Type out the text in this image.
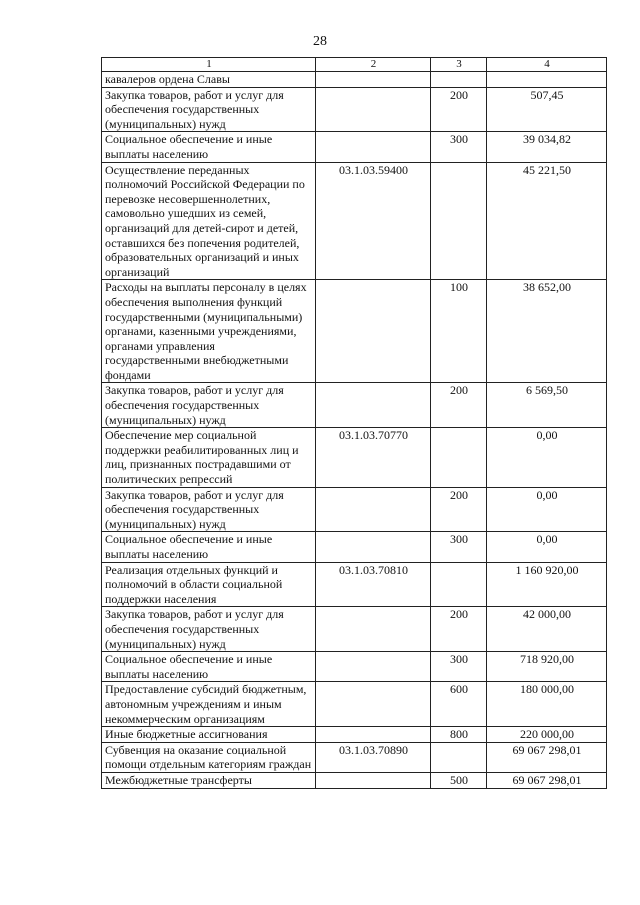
28
1	2	3	4
кавалеров ордена Славы			
Закупка товаров, работ и услуг для обеспечения государственных (муниципальных) нужд		200	507,45
Социальное обеспечение и иные выплаты населению		300	39 034,82
Осуществление переданных полномочий Российской Федерации по перевозке несовершеннолетних, самовольно ушедших из семей, организаций для детей-сирот и детей, оставшихся без попечения родителей, образовательных организаций и иных организаций	03.1.03.59400		45 221,50
Расходы на выплаты персоналу в целях обеспечения выполнения функций государственными (муниципальными) органами, казенными учреждениями, органами управления государственными внебюджетными фондами		100	38 652,00
Закупка товаров, работ и услуг для обеспечения государственных (муниципальных) нужд		200	6 569,50
Обеспечение мер социальной поддержки реабилитированных лиц и лиц, признанных пострадавшими от политических репрессий	03.1.03.70770		0,00
Закупка товаров, работ и услуг для обеспечения государственных (муниципальных) нужд		200	0,00
Социальное обеспечение и иные выплаты населению		300	0,00
Реализация отдельных функций и полномочий в области социальной поддержки населения	03.1.03.70810		1 160 920,00
Закупка товаров, работ и услуг для обеспечения государственных (муниципальных) нужд		200	42 000,00
Социальное обеспечение и иные выплаты населению		300	718 920,00
Предоставление субсидий бюджетным, автономным учреждениям и иным некоммерческим организациям		600	180 000,00
Иные бюджетные ассигнования		800	220 000,00
Субвенция на оказание социальной помощи отдельным категориям граждан	03.1.03.70890		69 067 298,01
Межбюджетные трансферты		500	69 067 298,01
